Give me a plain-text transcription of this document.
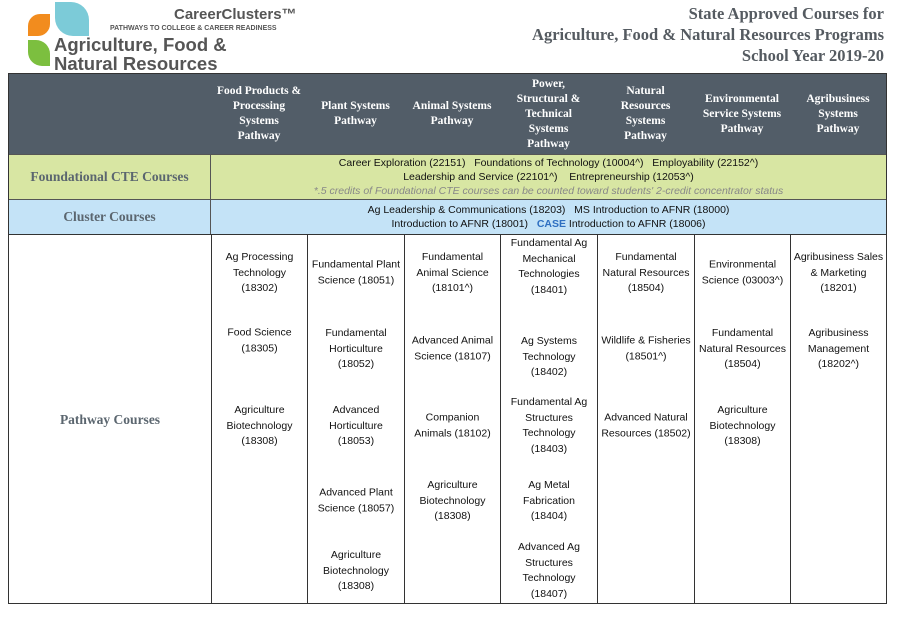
CareerClusters™
PATHWAYS TO COLLEGE & CAREER READINESS
Agriculture, Food &
Natural Resources
State Approved Courses for
Agriculture, Food & Natural Resources Programs
School Year 2019-20
Food Products &
Processing
Systems
Pathway
Plant Systems
Pathway
Animal Systems
Pathway
Power,
Structural &
Technical
Systems
Pathway
Natural
Resources
Systems
Pathway
Environmental
Service Systems
Pathway
Agribusiness
Systems
Pathway
Foundational CTE Courses
Career Exploration (22151)   Foundations of Technology (10004^)   Employability (22152^)
Leadership and Service (22101^)    Entrepreneurship (12053^)
*.5 credits of Foundational CTE courses can be counted toward students' 2-credit concentrator status
Cluster Courses	Ag Leadership & Communications (18203)   MS Introduction to AFNR (18000)
Introduction to AFNR (18001)   CASE Introduction to AFNR (18006)
Pathway Courses
Ag Processing
Technology
(18302)
Food Science
(18305)
Agriculture
Biotechnology
(18308)
Fundamental Plant
Science (18051)
Fundamental
Horticulture
(18052)
Advanced
Horticulture
(18053)
Advanced Plant
Science (18057)
Agriculture
Biotechnology
(18308)
Fundamental
Animal Science
(18101^)
Advanced Animal
Science (18107)
Companion
Animals (18102)
Agriculture
Biotechnology
(18308)
Fundamental Ag
Mechanical
Technologies
(18401)
Ag Systems
Technology
(18402)
Fundamental Ag
Structures
Technology
(18403)
Ag Metal
Fabrication
(18404)
Advanced Ag
Structures
Technology
(18407)
Fundamental
Natural Resources
(18504)
Wildlife & Fisheries
(18501^)
Advanced Natural
Resources (18502)
Environmental
Science (03003^)
Fundamental
Natural Resources
(18504)
Agriculture
Biotechnology
(18308)
Agribusiness Sales
& Marketing
(18201)
Agribusiness
Management
(18202^)
